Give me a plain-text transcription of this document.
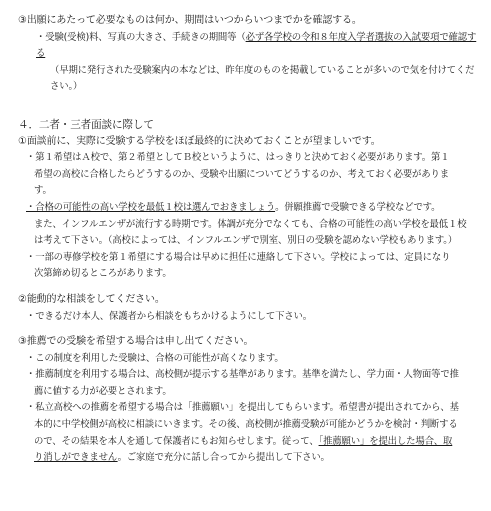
③出願にあたって必要なものは何か、期間はいつからいつまでかを確認する。
・受験(受検)料、写真の大きさ、手続きの期間等（必ず各学校の令和８年度入学者選抜の入試要項で確認する
（早期に発行された受験案内の本などは、昨年度のものを掲載していることが多いので気を付けてください。）
４．二者・三者面談に際して
①面談前に、実際に受験する学校をほぼ最終的に決めておくことが望ましいです。
・第１希望はＡ校で、第２希望としてＢ校というように、はっきりと決めておく必要があります。第１
希望の高校に合格したらどうするのか、受験や出願についてどうするのか、考えておく必要がありま
す。
・合格の可能性の高い学校を最低１校は選んでおきましょう。併願推薦で受験できる学校などです。
また、インフルエンザが流行する時期です。体調が充分でなくても、合格の可能性の高い学校を最低１校
は考えて下さい。（高校によっては、インフルエンザで別室、別日の受験を認めない学校もあります。）
・一部の専修学校を第１希望にする場合は早めに担任に連絡して下さい。学校によっては、定員になり
次第締め切るところがあります。
②能動的な相談をしてください。
・できるだけ本人、保護者から相談をもちかけるようにして下さい。
③推薦での受験を希望する場合は申し出てください。
・この制度を利用した受験は、合格の可能性が高くなります。
・推薦制度を利用する場合は、高校側が提示する基準があります。基準を満たし、学力面・人物面等で推
薦に値する力が必要とされます。
・私立高校への推薦を希望する場合は「推薦願い」を提出してもらいます。希望書が提出されてから、基
本的に中学校側が高校に相談にいきます。その後、高校側が推薦受験が可能かどうかを検討・判断する
ので、その結果を本人を通して保護者にもお知らせします。従って、「推薦願い」を提出した場合、取
り消しができません。ご家庭で充分に話し合ってから提出して下さい。
